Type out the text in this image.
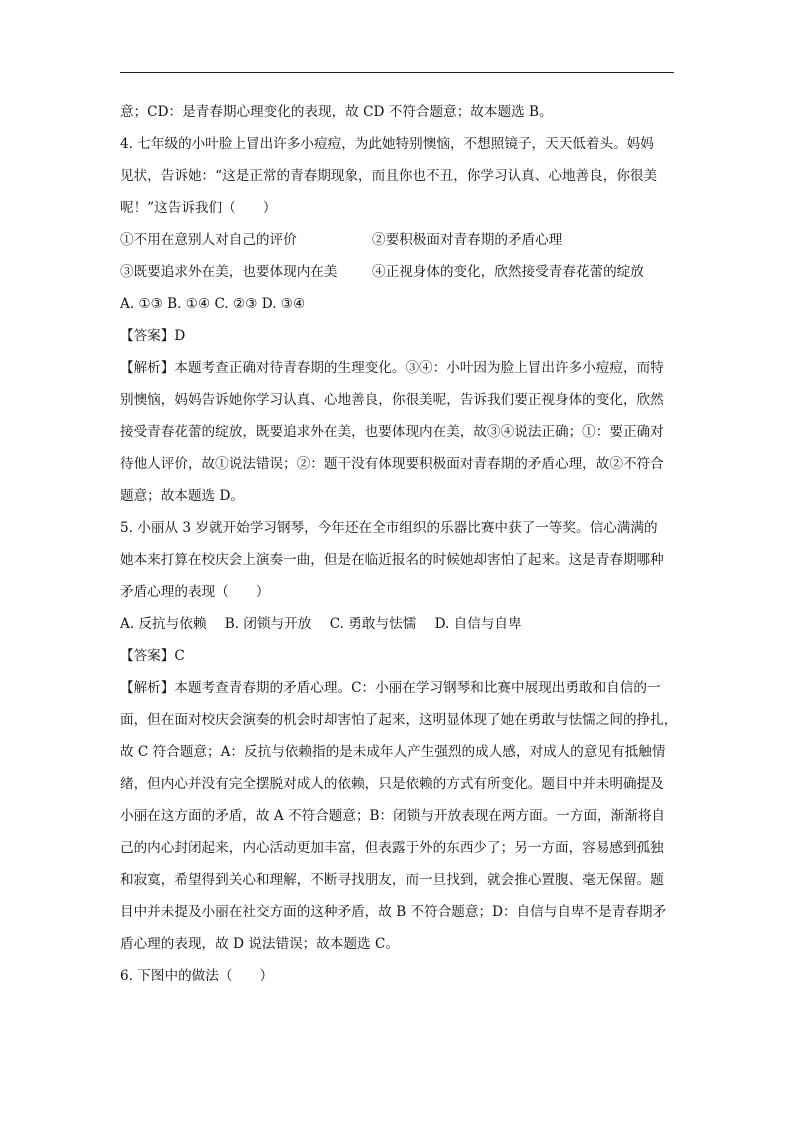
意；CD：是青春期心理变化的表现，故 CD 不符合题意；故本题选 B。
4. 七年级的小叶脸上冒出许多小痘痘，为此她特别懊恼，不想照镜子，天天低着头。妈妈
见状，告诉她：“这是正常的青春期现象，而且你也不丑，你学习认真、心地善良，你很美
呢！”这告诉我们（　　）
①不用在意别人对自己的评价	②要积极面对青春期的矛盾心理
③既要追求外在美，也要体现内在美	④正视身体的变化，欣然接受青春花蕾的绽放
A. ①③ B. ①④ C. ②③ D. ③④
【答案】D
【解析】本题考查正确对待青春期的生理变化。③④：小叶因为脸上冒出许多小痘痘，而特
别懊恼，妈妈告诉她你学习认真、心地善良，你很美呢，告诉我们要正视身体的变化，欣然
接受青春花蕾的绽放，既要追求外在美，也要体现内在美，故③④说法正确；①：要正确对
待他人评价，故①说法错误；②：题干没有体现要积极面对青春期的矛盾心理，故②不符合
题意；故本题选 D。
5. 小丽从 3 岁就开始学习钢琴，今年还在全市组织的乐器比赛中获了一等奖。信心满满的
她本来打算在校庆会上演奏一曲，但是在临近报名的时候她却害怕了起来。这是青春期哪种
矛盾心理的表现（　　）
A. 反抗与依赖 B. 闭锁与开放 C. 勇敢与怯懦 D. 自信与自卑
【答案】C
【解析】本题考查青春期的矛盾心理。C：小丽在学习钢琴和比赛中展现出勇敢和自信的一
面，但在面对校庆会演奏的机会时却害怕了起来，这明显体现了她在勇敢与怯懦之间的挣扎，
故 C 符合题意；A：反抗与依赖指的是未成年人产生强烈的成人感，对成人的意见有抵触情
绪，但内心并没有完全摆脱对成人的依赖，只是依赖的方式有所变化。题目中并未明确提及
小丽在这方面的矛盾，故 A 不符合题意；B：闭锁与开放表现在两方面。一方面，渐渐将自
己的内心封闭起来，内心活动更加丰富，但表露于外的东西少了；另一方面，容易感到孤独
和寂寞，希望得到关心和理解，不断寻找朋友，而一旦找到，就会推心置腹、毫无保留。题
目中并未提及小丽在社交方面的这种矛盾，故 B 不符合题意；D：自信与自卑不是青春期矛
盾心理的表现，故 D 说法错误；故本题选 C。
6. 下图中的做法（　　）
